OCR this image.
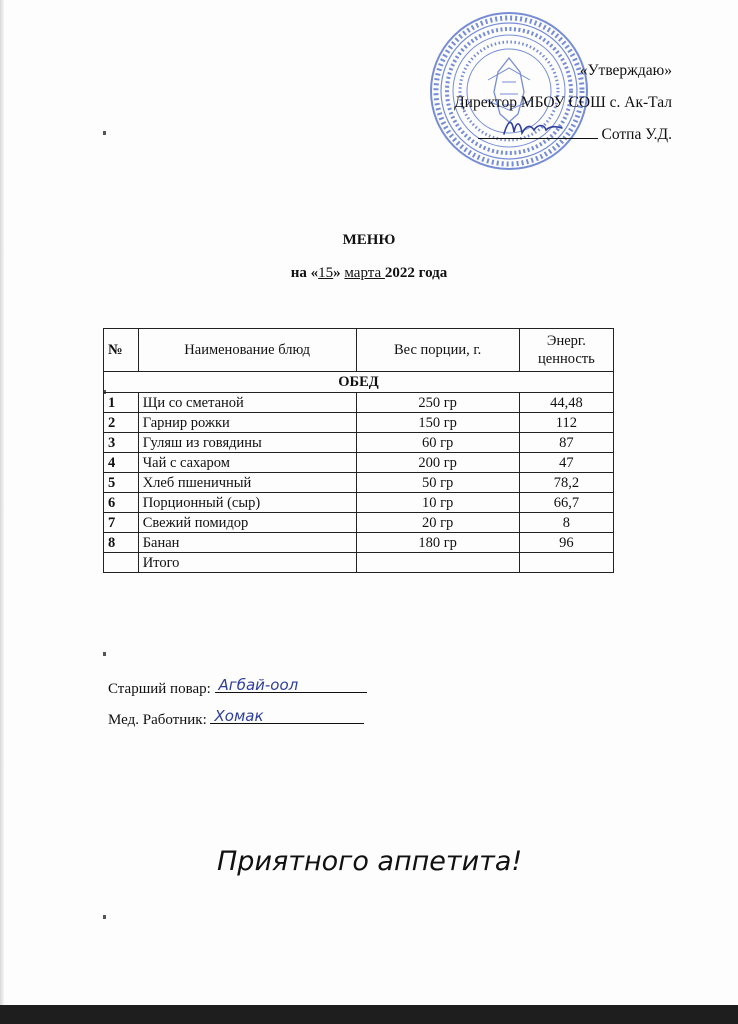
«Утверждаю»
Директор МБОУ СОШ с. Ак-Тал
Сотпа У.Д.
МЕНЮ
на «15» марта 2022 года
№	Наименование блюд	Вес порции, г.	Энерг. ценность
ОБЕД			
1	Щи со сметаной	250 гр	44,48
2	Гарнир рожки	150 гр	112
3	Гуляш из говядины	60 гр	87
4	Чай с сахаром	200 гр	47
5	Хлеб пшеничный	50 гр	78,2
6	Порционный (сыр)	10 гр	66,7
7	Свежий помидор	20 гр	8
8	Банан	180 гр	96
	Итого		
Старший повар: Агбай-оол
Мед. Работник: Хомак
Приятного аппетита!
